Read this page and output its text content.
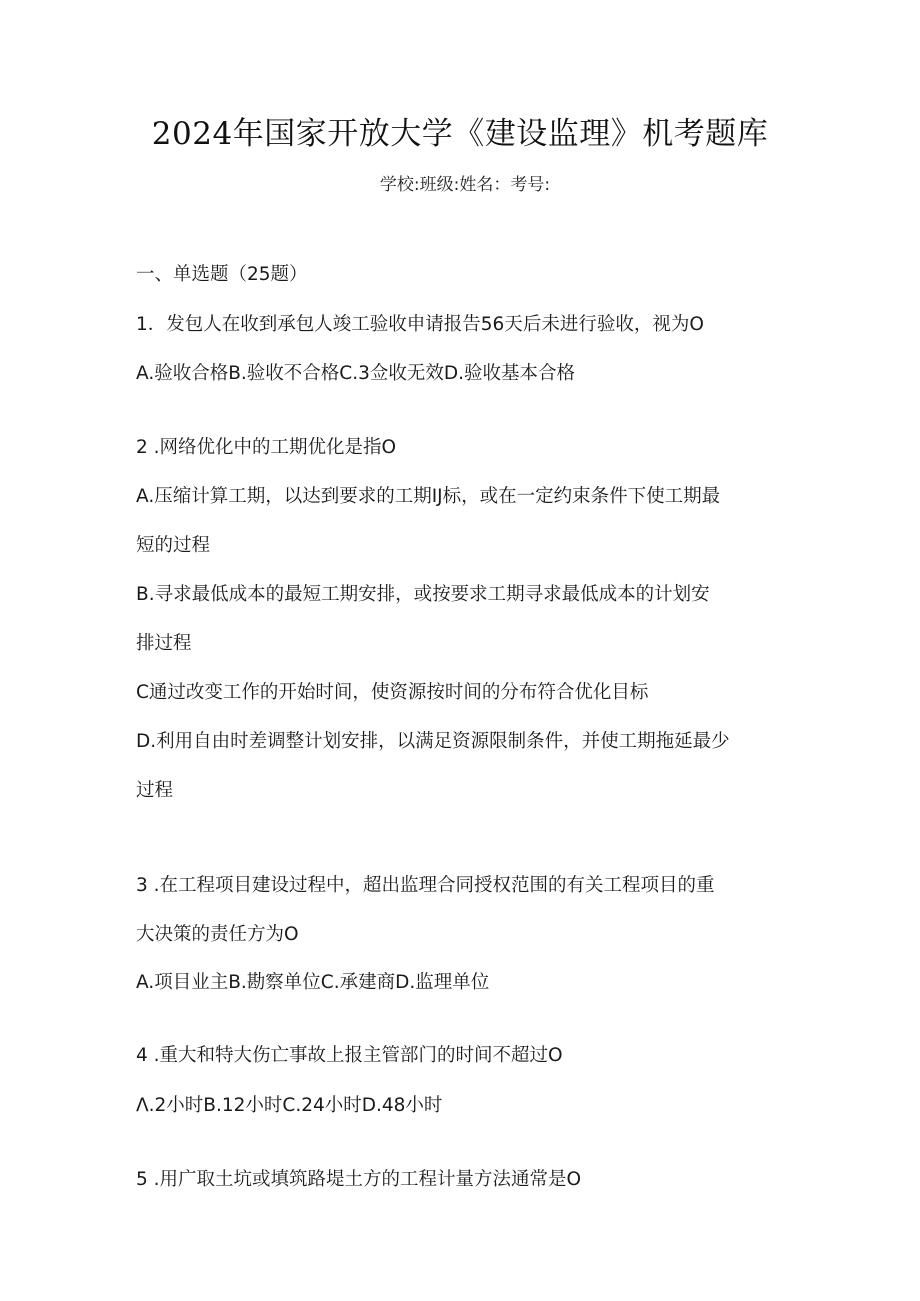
2024年国家开放大学《建设监理》机考题库
学校:班级:姓名：考号:
一、单选题（25题）
1．发包人在收到承包人竣工验收申请报告56天后未进行验收，视为O
A.验收合格B.验收不合格C.3佥收无效D.验收基本合格
2 .网络优化中的工期优化是指O
A.压缩计算工期，以达到要求的工期IJ标，或在一定约束条件下使工期最
短的过程
B.寻求最低成本的最短工期安排，或按要求工期寻求最低成本的计划安
排过程
C通过改变工作的开始时间，使资源按时间的分布符合优化目标
D.利用自由时差调整计划安排，以满足资源限制条件，并使工期拖延最少
过程
3 .在工程项目建设过程中，超出监理合同授权范围的有关工程项目的重
大决策的责任方为O
A.项目业主B.勘察单位C.承建商D.监理单位
4 .重大和特大伤亡事故上报主管部门的时间不超过O
Λ.2小时B.12小时C.24小时D.48小时
5 .用广取土坑或填筑路堤土方的工程计量方法通常是O
